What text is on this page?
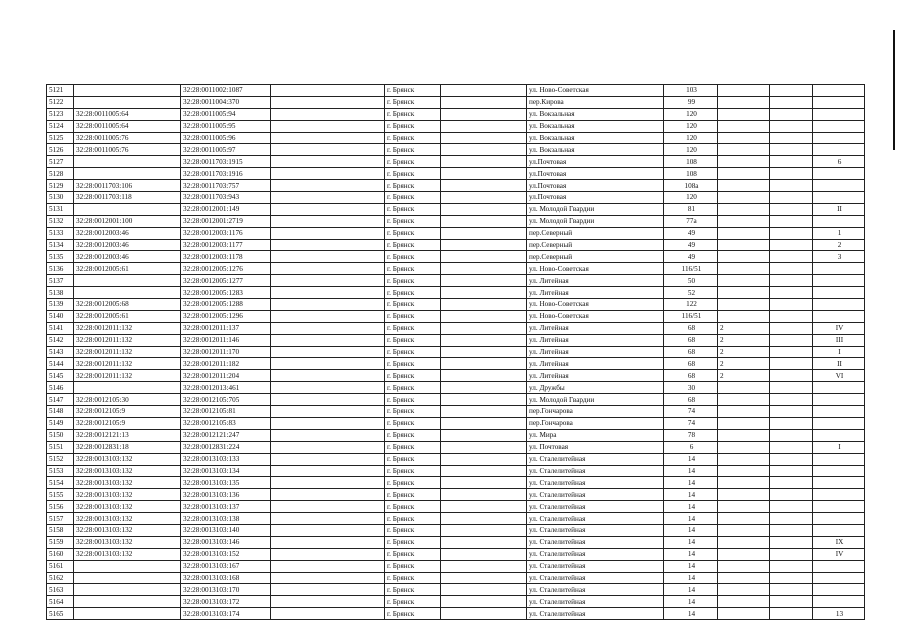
5121		32:28:0011002:1087		г. Брянск		ул. Ново-Советская	103			
5122		32:28:0011004:370		г. Брянск		пер.Кирова	99			
5123	32:28:0011005:64	32:28:0011005:94		г. Брянск		ул. Вокзальная	120			
5124	32:28:0011005:64	32:28:0011005:95		г. Брянск		ул. Вокзальная	120			
5125	32:28:0011005:76	32:28:0011005:96		г. Брянск		ул. Вокзальная	120			
5126	32:28:0011005:76	32:28:0011005:97		г. Брянск		ул. Вокзальная	120			
5127		32:28:0011703:1915		г. Брянск		ул.Почтовая	108			6
5128		32:28:0011703:1916		г. Брянск		ул.Почтовая	108			
5129	32:28:0011703:106	32:28:0011703:757		г. Брянск		ул.Почтовая	108а			
5130	32:28:0011703:118	32:28:0011703:943		г. Брянск		ул.Почтовая	120			
5131		32:28:0012001:149		г. Брянск		ул. Молодой Гвардии	81			II
5132	32:28:0012001:100	32:28:0012001:2719		г. Брянск		ул. Молодой Гвардии	77а			
5133	32:28:0012003:46	32:28:0012003:1176		г. Брянск		пер.Северный	49			1
5134	32:28:0012003:46	32:28:0012003:1177		г. Брянск		пер.Северный	49			2
5135	32:28:0012003:46	32:28:0012003:1178		г. Брянск		пер.Северный	49			3
5136	32:28:0012005:61	32:28:0012005:1276		г. Брянск		ул. Ново-Советская	116/51			
5137		32:28:0012005:1277		г. Брянск		ул. Литейная	50			
5138		32:28:0012005:1283		г. Брянск		ул. Литейная	52			
5139	32:28:0012005:68	32:28:0012005:1288		г. Брянск		ул. Ново-Советская	122			
5140	32:28:0012005:61	32:28:0012005:1296		г. Брянск		ул. Ново-Советская	116/51			
5141	32:28:0012011:132	32:28:0012011:137		г. Брянск		ул. Литейная	68	2		IV
5142	32:28:0012011:132	32:28:0012011:146		г. Брянск		ул. Литейная	68	2		III
5143	32:28:0012011:132	32:28:0012011:170		г. Брянск		ул. Литейная	68	2		I
5144	32:28:0012011:132	32:28:0012011:182		г. Брянск		ул. Литейная	68	2		II
5145	32:28:0012011:132	32:28:0012011:204		г. Брянск		ул. Литейная	68	2		VI
5146		32:28:0012013:461		г. Брянск		ул. Дружбы	30			
5147	32:28:0012105:30	32:28:0012105:705		г. Брянск		ул. Молодой Гвардии	68			
5148	32:28:0012105:9	32:28:0012105:81		г. Брянск		пер.Гончарова	74			
5149	32:28:0012105:9	32:28:0012105:83		г. Брянск		пер.Гончарова	74			
5150	32:28:0012121:13	32:28:0012121:247		г. Брянск		ул. Мира	78			
5151	32:28:0012831:18	32:28:0012831:224		г. Брянск		ул. Почтовая	6			I
5152	32:28:0013103:132	32:28:0013103:133		г. Брянск		ул. Сталелитейная	14			
5153	32:28:0013103:132	32:28:0013103:134		г. Брянск		ул. Сталелитейная	14			
5154	32:28:0013103:132	32:28:0013103:135		г. Брянск		ул. Сталелитейная	14			
5155	32:28:0013103:132	32:28:0013103:136		г. Брянск		ул. Сталелитейная	14			
5156	32:28:0013103:132	32:28:0013103:137		г. Брянск		ул. Сталелитейная	14			
5157	32:28:0013103:132	32:28:0013103:138		г. Брянск		ул. Сталелитейная	14			
5158	32:28:0013103:132	32:28:0013103:140		г. Брянск		ул. Сталелитейная	14			
5159	32:28:0013103:132	32:28:0013103:146		г. Брянск		ул. Сталелитейная	14			IX
5160	32:28:0013103:132	32:28:0013103:152		г. Брянск		ул. Сталелитейная	14			IV
5161		32:28:0013103:167		г. Брянск		ул. Сталелитейная	14			
5162		32:28:0013103:168		г. Брянск		ул. Сталелитейная	14			
5163		32:28:0013103:170		г. Брянск		ул. Сталелитейная	14			
5164		32:28:0013103:172		г. Брянск		ул. Сталелитейная	14			
5165		32:28:0013103:174		г. Брянск		ул. Сталелитейная	14			13
